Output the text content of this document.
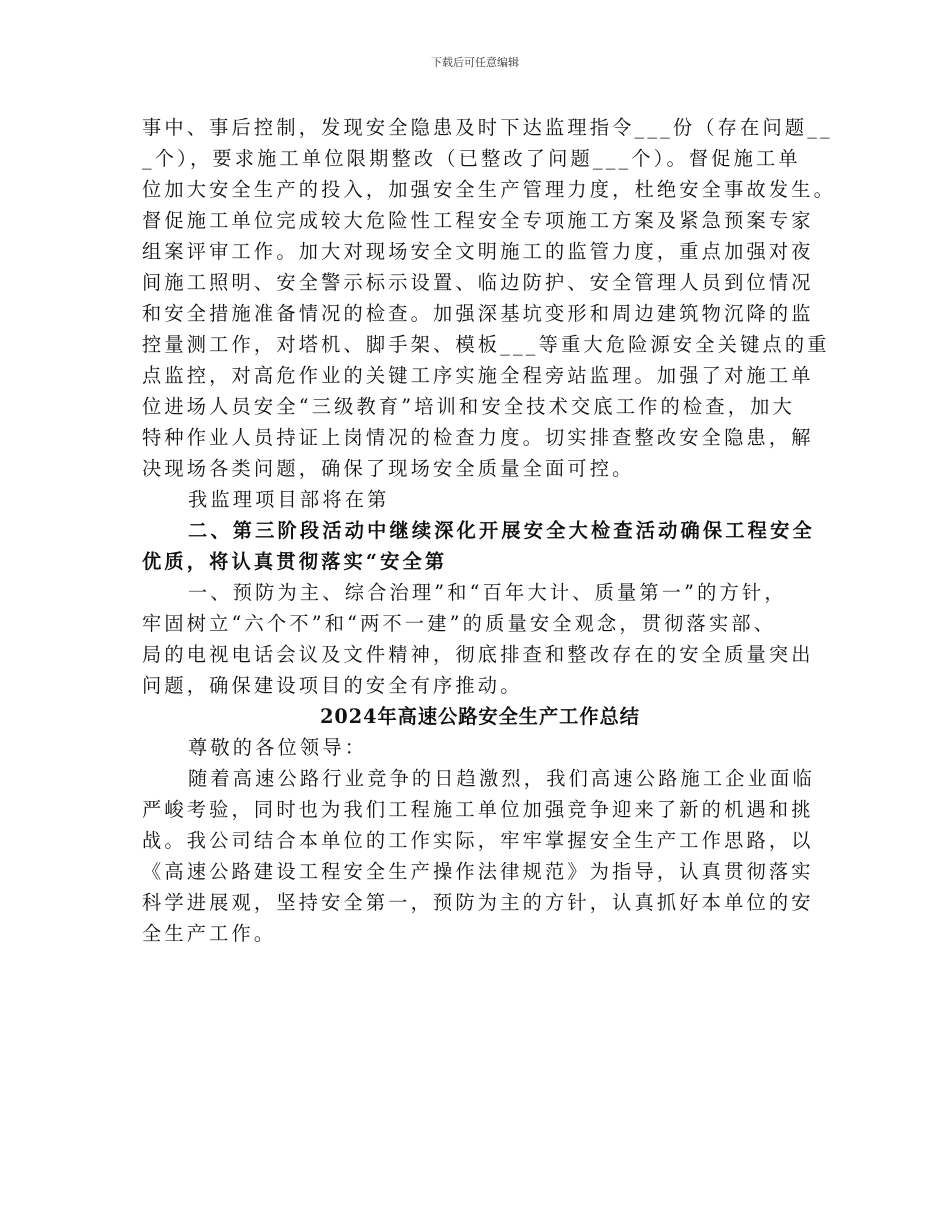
下载后可任意编辑
事中、事后控制，发现安全隐患及时下达监理指令___份（存在问题__
_个），要求施工单位限期整改（已整改了问题___个）。督促施工单
位加大安全生产的投入，加强安全生产管理力度，杜绝安全事故发生。
督促施工单位完成较大危险性工程安全专项施工方案及紧急预案专家
组案评审工作。加大对现场安全文明施工的监管力度，重点加强对夜
间施工照明、安全警示标示设置、临边防护、安全管理人员到位情况
和安全措施准备情况的检查。加强深基坑变形和周边建筑物沉降的监
控量测工作，对塔机、脚手架、模板___等重大危险源安全关键点的重
点监控，对高危作业的关键工序实施全程旁站监理。加强了对施工单
位进场人员安全“三级教育”培训和安全技术交底工作的检查，加大
特种作业人员持证上岗情况的检查力度。切实排查整改安全隐患，解
决现场各类问题，确保了现场安全质量全面可控。
我监理项目部将在第
二、第三阶段活动中继续深化开展安全大检查活动确保工程安全
优质，将认真贯彻落实“安全第
一、预防为主、综合治理”和“百年大计、质量第一”的方针，
牢固树立“六个不”和“两不一建”的质量安全观念，贯彻落实部、
局的电视电话会议及文件精神，彻底排查和整改存在的安全质量突出
问题，确保建设项目的安全有序推动。
2024年高速公路安全生产工作总结
尊敬的各位领导：
随着高速公路行业竞争的日趋激烈，我们高速公路施工企业面临
严峻考验，同时也为我们工程施工单位加强竞争迎来了新的机遇和挑
战。我公司结合本单位的工作实际，牢牢掌握安全生产工作思路，以
《高速公路建设工程安全生产操作法律规范》为指导，认真贯彻落实
科学进展观，坚持安全第一，预防为主的方针，认真抓好本单位的安
全生产工作。
